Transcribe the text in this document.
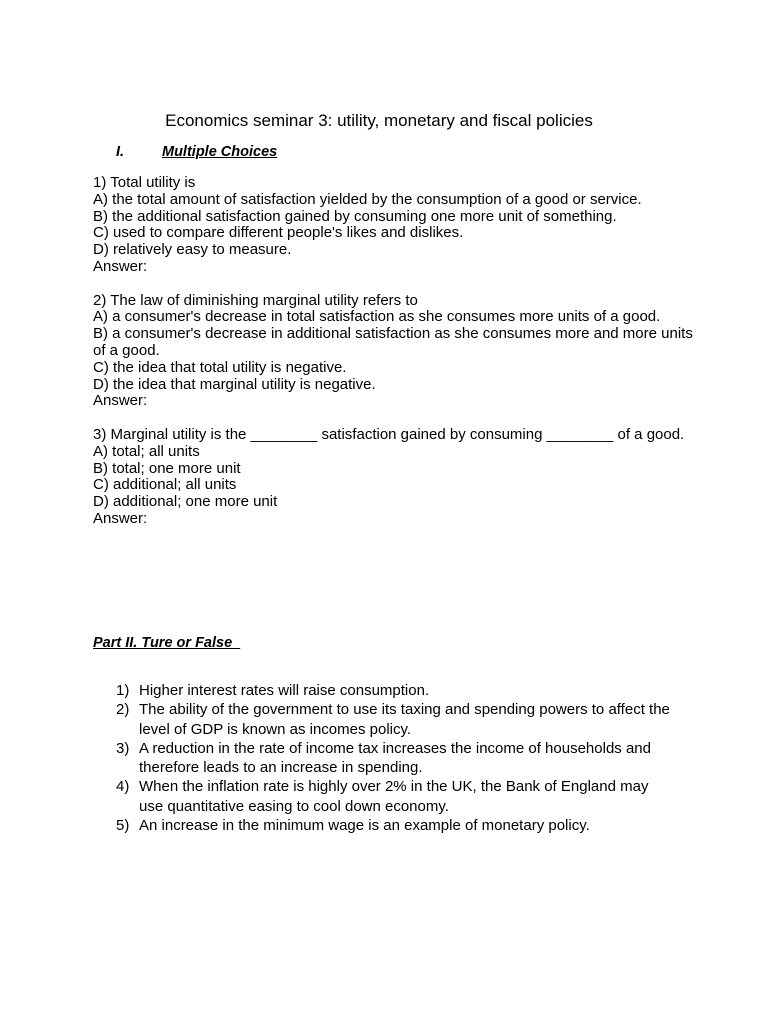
Economics seminar 3: utility, monetary and fiscal policies
I.	Multiple Choices
1) Total utility is
A) the total amount of satisfaction yielded by the consumption of a good or service.
B) the additional satisfaction gained by consuming one more unit of something.
C) used to compare different people's likes and dislikes.
D) relatively easy to measure.
Answer:
2) The law of diminishing marginal utility refers to
A) a consumer's decrease in total satisfaction as she consumes more units of a good.
B) a consumer's decrease in additional satisfaction as she consumes more and more units of a good.
C) the idea that total utility is negative.
D) the idea that marginal utility is negative.
Answer:
3) Marginal utility is the ________ satisfaction gained by consuming ________ of a good.
A) total; all units
B) total; one more unit
C) additional; all units
D) additional; one more unit
Answer:
Part II. Ture or False
1) Higher interest rates will raise consumption.
2) The ability of the government to use its taxing and spending powers to affect the level of GDP is known as incomes policy.
3) A reduction in the rate of income tax increases the income of households and therefore leads to an increase in spending.
4) When the inflation rate is highly over 2% in the UK, the Bank of England may use quantitative easing to cool down economy.
5) An increase in the minimum wage is an example of monetary policy.
